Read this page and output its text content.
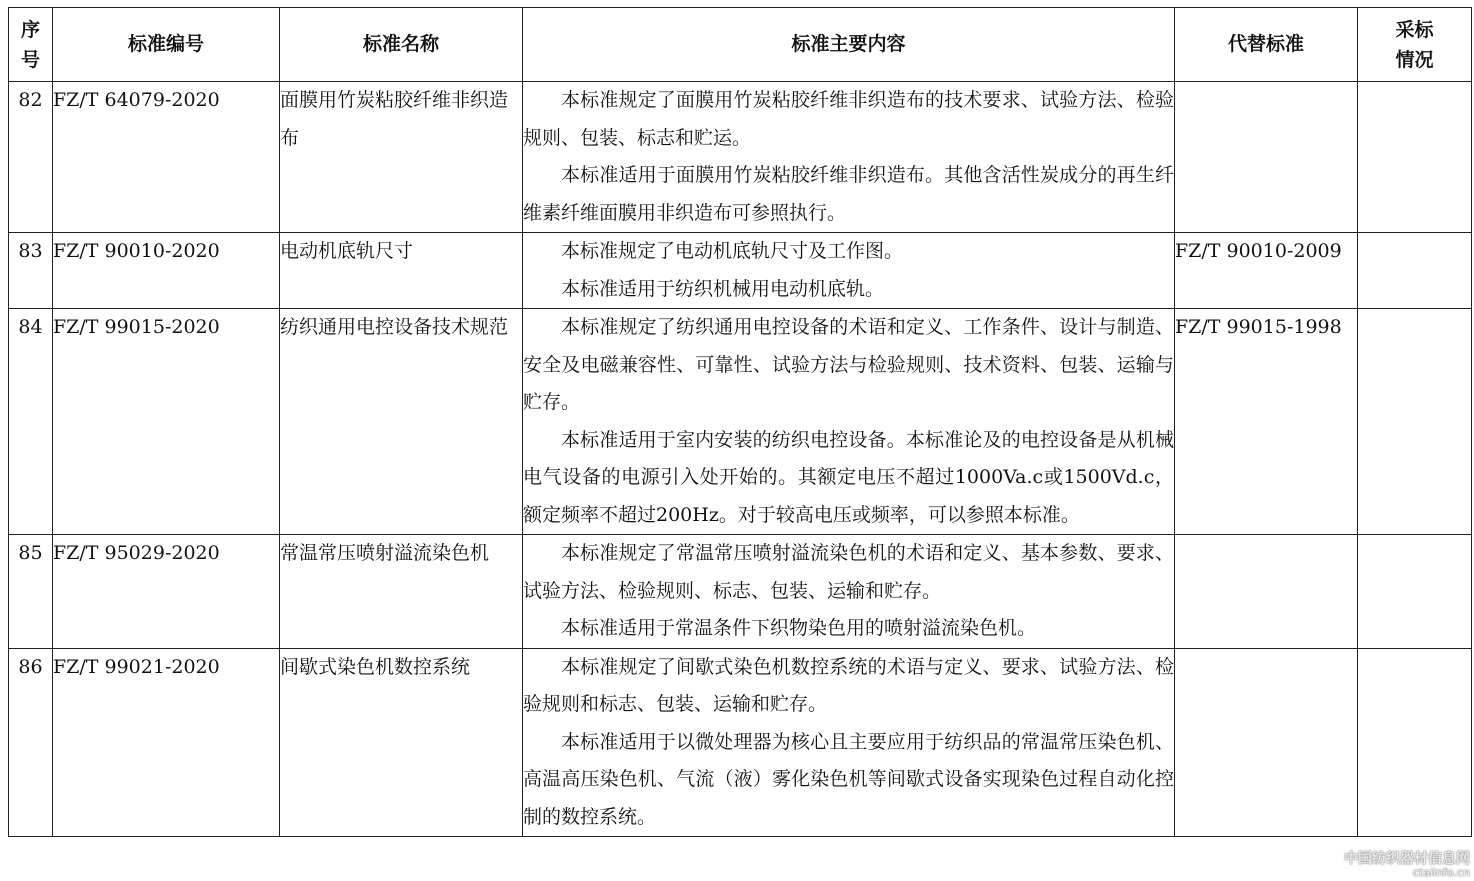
序
号	标准编号	标准名称	标准主要内容	代替标准	采标
情况

82	FZ/T 64079-2020	面膜用竹炭粘胶纤维非织造布	本标准规定了面膜用竹炭粘胶纤维非织造布的技术要求、试验方法、检验规则、包装、标志和贮运。

本标准适用于面膜用竹炭粘胶纤维非织造布。其他含活性炭成分的再生纤维素纤维面膜用非织造布可参照执行。		

83	FZ/T 90010-2020	电动机底轨尺寸	本标准规定了电动机底轨尺寸及工作图。

本标准适用于纺织机械用电动机底轨。	FZ/T 90010-2009	
84	FZ/T 99015-2020	纺织通用电控设备技术规范	本标准规定了纺织通用电控设备的术语和定义、工作条件、设计与制造、安全及电磁兼容性、可靠性、试验方法与检验规则、技术资料、包装、运输与贮存。

本标准适用于室内安装的纺织电控设备。本标准论及的电控设备是从机械电气设备的电源引入处开始的。其额定电压不超过1000Va.c或1500Vd.c，额定频率不超过200Hz。对于较高电压或频率，可以参照本标准。	FZ/T 99015-1998	
85	FZ/T 95029-2020	常温常压喷射溢流染色机	本标准规定了常温常压喷射溢流染色机的术语和定义、基本参数、要求、试验方法、检验规则、标志、包装、运输和贮存。

本标准适用于常温条件下织物染色用的喷射溢流染色机。		

86	FZ/T 99021-2020	间歇式染色机数控系统	本标准规定了间歇式染色机数控系统的术语与定义、要求、试验方法、检验规则和标志、包装、运输和贮存。

本标准适用于以微处理器为核心且主要应用于纺织品的常温常压染色机、高温高压染色机、气流（液）雾化染色机等间歇式设备实现染色过程自动化控制的数控系统。		

中国纺织器材信息网
ctaiinfo.cn
